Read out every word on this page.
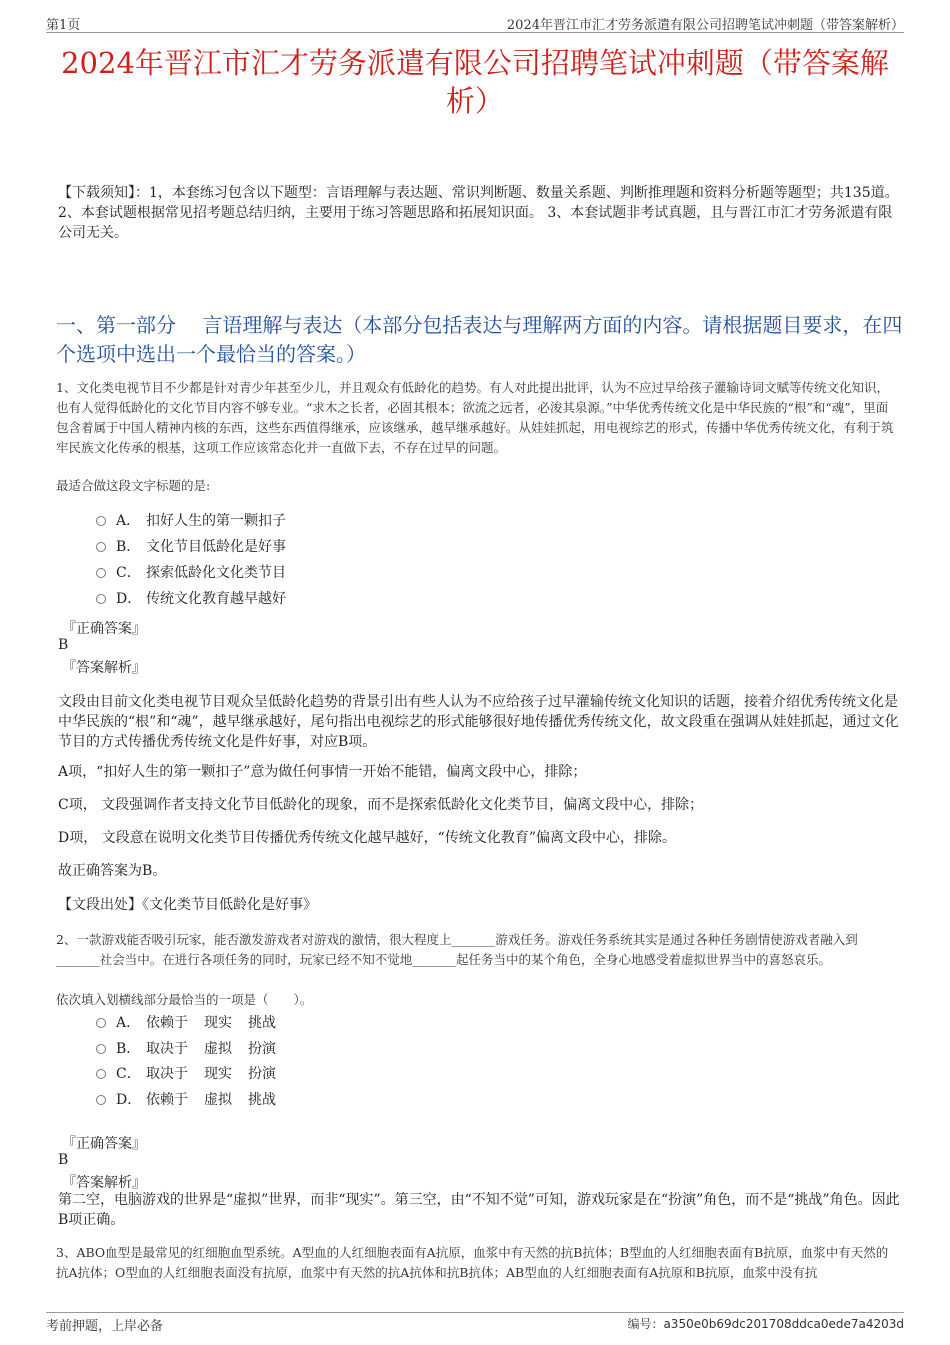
第1页	2024年晋江市汇才劳务派遣有限公司招聘笔试冲刺题（带答案解析）
2024年晋江市汇才劳务派遣有限公司招聘笔试冲刺题（带答案解析）
【下载须知】：1，本套练习包含以下题型：言语理解与表达题、常识判断题、数量关系题、判断推理题和资料分析题等题型；共135道。 2、本套试题根据常见招考题总结归纳，主要用于练习答题思路和拓展知识面。 3、本套试题非考试真题，且与晋江市汇才劳务派遣有限公司无关。
一、第一部分　 言语理解与表达（本部分包括表达与理解两方面的内容。请根据题目要求，在四个选项中选出一个最恰当的答案。）
1、文化类电视节目不少都是针对青少年甚至少儿，并且观众有低龄化的趋势。有人对此提出批评，认为不应过早给孩子灌输诗词文赋等传统文化知识，也有人觉得低龄化的文化节目内容不够专业。“求木之长者，必固其根本；欲流之远者，必浚其泉源。”中华优秀传统文化是中华民族的“根”和“魂”，里面包含着属于中国人精神内核的东西，这些东西值得继承，应该继承，越早继承越好。从娃娃抓起，用电视综艺的形式，传播中华优秀传统文化，有利于筑牢民族文化传承的根基，这项工作应该常态化并一直做下去，不存在过早的问题。
最适合做这段文字标题的是:
A． 扣好人生的第一颗扣子
B． 文化节目低龄化是好事
C． 探索低龄化文化类节目
D． 传统文化教育越早越好
『正确答案』
B
『答案解析』
文段由目前文化类电视节目观众呈低龄化趋势的背景引出有些人认为不应给孩子过早灌输传统文化知识的话题，接着介绍优秀传统文化是中华民族的“根”和“魂”，越早继承越好，尾句指出电视综艺的形式能够很好地传播优秀传统文化，故文段重在强调从娃娃抓起，通过文化节目的方式传播优秀传统文化是件好事，对应B项。
A项，“扣好人生的第一颗扣子”意为做任何事情一开始不能错，偏离文段中心，排除；
C项， 文段强调作者支持文化节目低龄化的现象，而不是探索低龄化文化类节目，偏离文段中心，排除；
D项， 文段意在说明文化类节目传播优秀传统文化越早越好，“传统文化教育”偏离文段中心，排除。
故正确答案为B。
【文段出处】《文化类节目低龄化是好事》
2、一款游戏能否吸引玩家，能否激发游戏者对游戏的激情，很大程度上_______游戏任务。游戏任务系统其实是通过各种任务剧情使游戏者融入到_______社会当中。在进行各项任务的同时，玩家已经不知不觉地_______起任务当中的某个角色，全身心地感受着虚拟世界当中的喜怒哀乐。
依次填入划横线部分最恰当的一项是（　　）。
A． 依赖于 现实 挑战
B． 取决于 虚拟 扮演
C． 取决于 现实 扮演
D． 依赖于 虚拟 挑战
『正确答案』
B
『答案解析』
第二空，电脑游戏的世界是“虚拟”世界，而非“现实”。第三空，由“不知不觉”可知，游戏玩家是在“扮演”角色，而不是“挑战”角色。因此B项正确。
3、ABO血型是最常见的红细胞血型系统。A型血的人红细胞表面有A抗原，血浆中有天然的抗B抗体；B型血的人红细胞表面有B抗原，血浆中有天然的抗A抗体；O型血的人红细胞表面没有抗原，血浆中有天然的抗A抗体和抗B抗体；AB型血的人红细胞表面有A抗原和B抗原，血浆中没有抗
考前押题，上岸必备	编号：a350e0b69dc201708ddca0ede7a4203d
